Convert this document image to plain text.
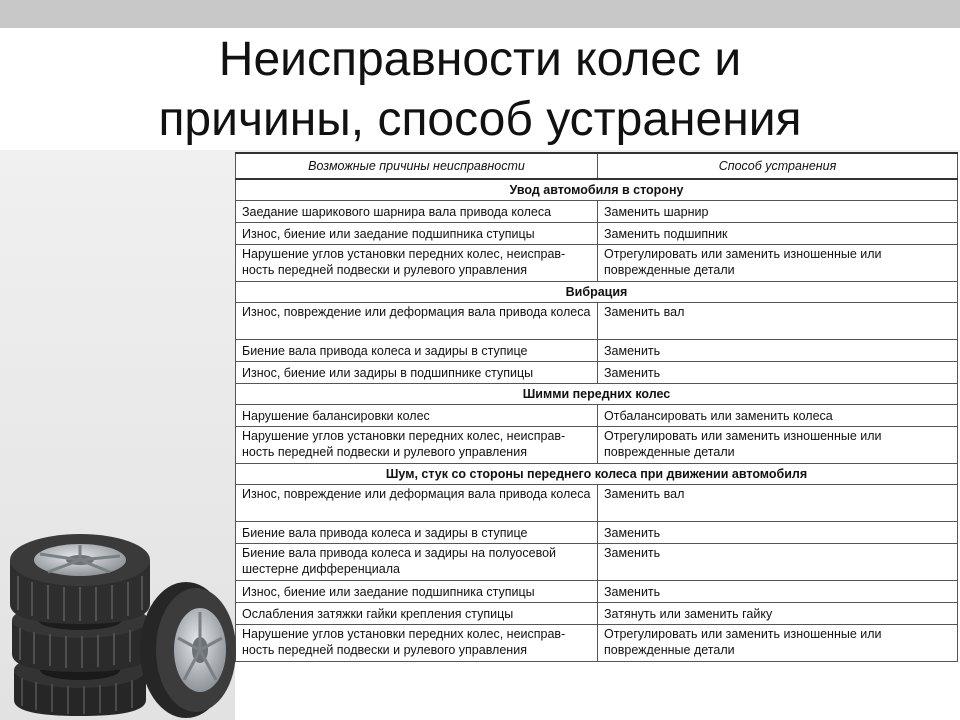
Неисправности колес и
причины, способ устранения
Возможные причины неисправности	Способ устранения
Увод автомобиля в сторону	
Заедание шарикового шарнира вала привода колеса	Заменить шарнир
Износ, биение или заедание подшипника ступицы	Заменить подшипник
Нарушение углов установки передних колес, неисправ-ность передней подвески и рулевого управления	Отрегулировать или заменить изношенные или поврежденные детали
Вибрация	
Износ, повреждение или деформация вала привода колеса	Заменить вал
Биение вала привода колеса и задиры в ступице	Заменить
Износ, биение или задиры в подшипнике ступицы	Заменить
Шимми передних колес	
Нарушение балансировки колес	Отбалансировать или заменить колеса
Нарушение углов установки передних колес, неисправ-ность передней подвески и рулевого управления	Отрегулировать или заменить изношенные или поврежденные детали
Шум, стук со стороны переднего колеса при движении автомобиля	
Износ, повреждение или деформация вала привода колеса	Заменить вал
Биение вала привода колеса и задиры в ступице	Заменить
Биение вала привода колеса и задиры на полуосевой шестерне дифференциала	Заменить
Износ, биение или заедание подшипника ступицы	Заменить
Ослабления затяжки гайки крепления ступицы	Затянуть или заменить гайку
Нарушение углов установки передних колес, неисправ-ность передней подвески и рулевого управления	Отрегулировать или заменить изношенные или поврежденные детали
